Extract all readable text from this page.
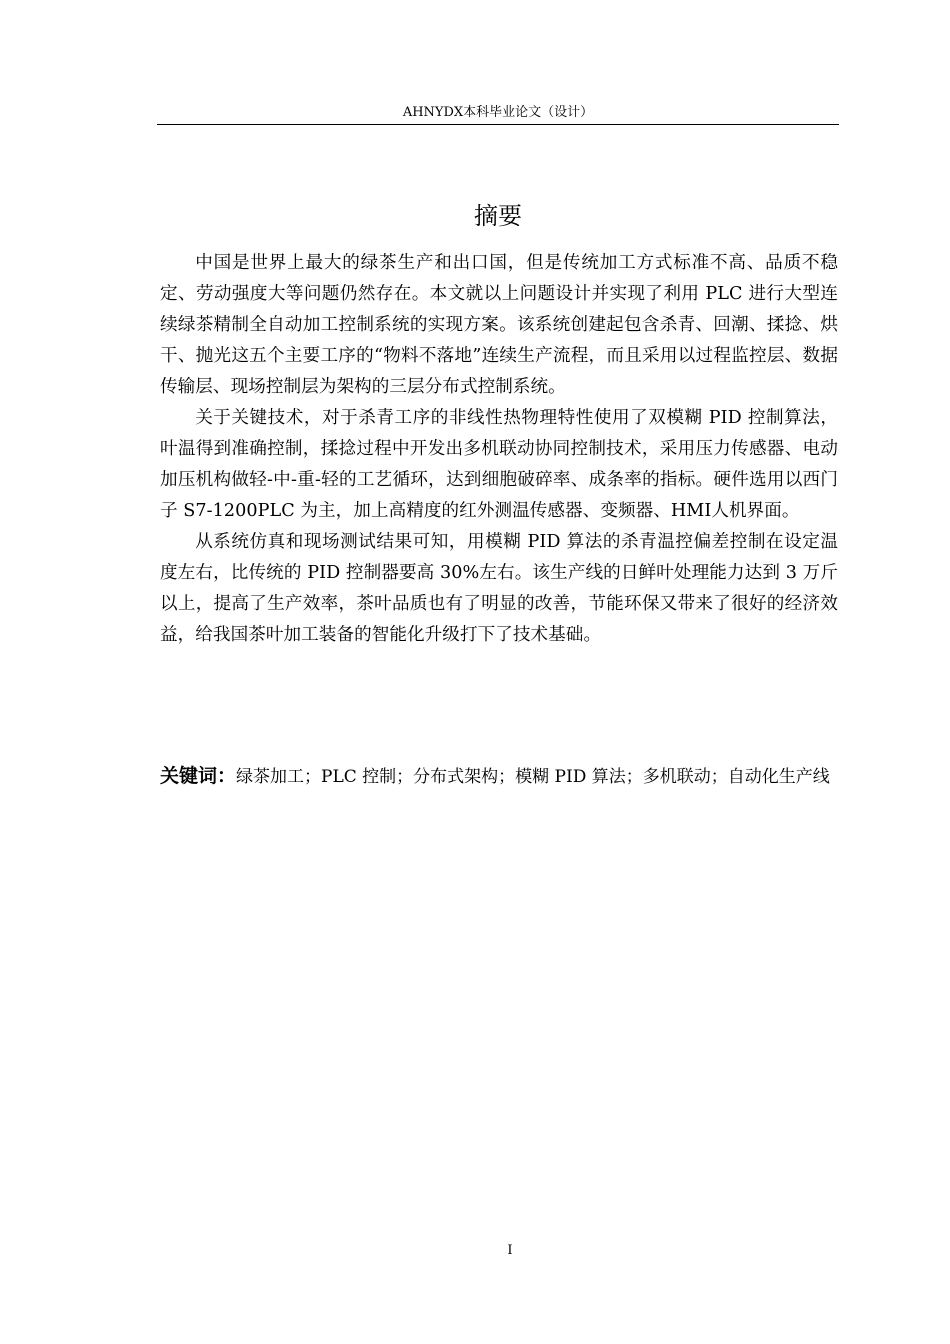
AHNYDX本科毕业论文（设计）
摘要

中国是世界上最大的绿茶生产和出口国，但是传统加工方式标准不高、品质不稳定、劳动强度大等问题仍然存在。本文就以上问题设计并实现了利用 PLC 进行大型连续绿茶精制全自动加工控制系统的实现方案。该系统创建起包含杀青、回潮、揉捻、烘干、抛光这五个主要工序的“物料不落地”连续生产流程，而且采用以过程监控层、数据传输层、现场控制层为架构的三层分布式控制系统。

关于关键技术，对于杀青工序的非线性热物理特性使用了双模糊 PID 控制算法，叶温得到准确控制，揉捻过程中开发出多机联动协同控制技术，采用压力传感器、电动加压机构做轻-中-重-轻的工艺循环，达到细胞破碎率、成条率的指标。硬件选用以西门子 S7-1200PLC 为主，加上高精度的红外测温传感器、变频器、HMI人机界面。

从系统仿真和现场测试结果可知，用模糊 PID 算法的杀青温控偏差控制在设定温度左右，比传统的 PID 控制器要高 30%左右。该生产线的日鲜叶处理能力达到 3 万斤以上，提高了生产效率，茶叶品质也有了明显的改善，节能环保又带来了很好的经济效益，给我国茶叶加工装备的智能化升级打下了技术基础。

关键词：绿茶加工；PLC 控制；分布式架构；模糊 PID 算法；多机联动；自动化生产线
I
